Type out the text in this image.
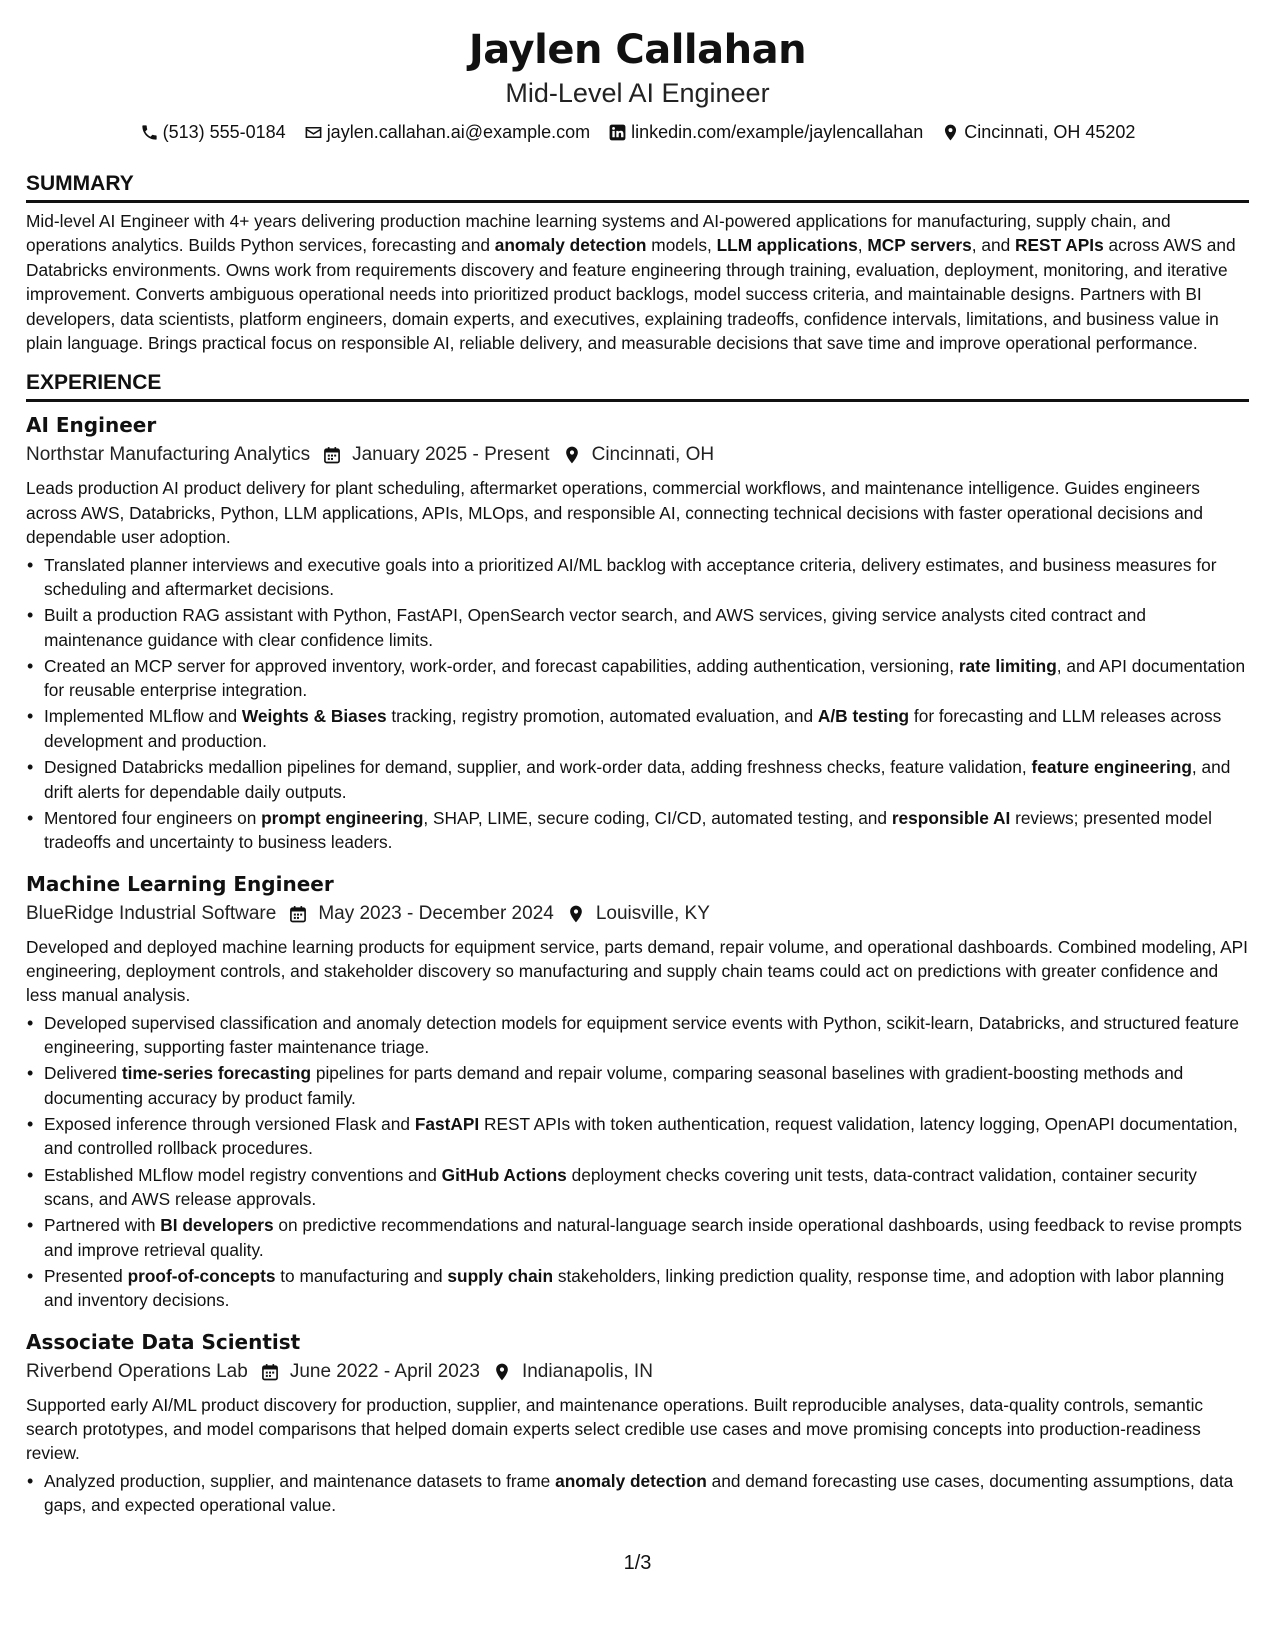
Jaylen Callahan
Mid-Level AI Engineer
(513) 555-0184 jaylen.callahan.ai@example.com linkedin.com/example/jaylencallahan Cincinnati, OH 45202
SUMMARY

Mid-level AI Engineer with 4+ years delivering production machine learning systems and AI-powered applications for manufacturing, supply chain, and operations analytics. Builds Python services, forecasting and anomaly detection models, LLM applications, MCP servers, and REST APIs across AWS and Databricks environments. Owns work from requirements discovery and feature engineering through training, evaluation, deployment, monitoring, and iterative improvement. Converts ambiguous operational needs into prioritized product backlogs, model success criteria, and maintainable designs. Partners with BI developers, data scientists, platform engineers, domain experts, and executives, explaining tradeoffs, confidence intervals, limitations, and business value in plain language. Brings practical focus on responsible AI, reliable delivery, and measurable decisions that save time and improve operational performance.

EXPERIENCE
AI Engineer
Northstar Manufacturing Analytics January 2025 - Present Cincinnati, OH
Leads production AI product delivery for plant scheduling, aftermarket operations, commercial workflows, and maintenance intelligence. Guides engineers across AWS, Databricks, Python, LLM applications, APIs, MLOps, and responsible AI, connecting technical decisions with faster operational decisions and dependable user adoption.
• Translated planner interviews and executive goals into a prioritized AI/ML backlog with acceptance criteria, delivery estimates, and business measures for scheduling and aftermarket decisions.
• Built a production RAG assistant with Python, FastAPI, OpenSearch vector search, and AWS services, giving service analysts cited contract and maintenance guidance with clear confidence limits.
• Created an MCP server for approved inventory, work-order, and forecast capabilities, adding authentication, versioning, rate limiting, and API documentation for reusable enterprise integration.
• Implemented MLflow and Weights & Biases tracking, registry promotion, automated evaluation, and A/B testing for forecasting and LLM releases across development and production.
• Designed Databricks medallion pipelines for demand, supplier, and work-order data, adding freshness checks, feature validation, feature engineering, and drift alerts for dependable daily outputs.
• Mentored four engineers on prompt engineering, SHAP, LIME, secure coding, CI/CD, automated testing, and responsible AI reviews; presented model tradeoffs and uncertainty to business leaders.
Machine Learning Engineer
BlueRidge Industrial Software May 2023 - December 2024 Louisville, KY
Developed and deployed machine learning products for equipment service, parts demand, repair volume, and operational dashboards. Combined modeling, API engineering, deployment controls, and stakeholder discovery so manufacturing and supply chain teams could act on predictions with greater confidence and less manual analysis.
• Developed supervised classification and anomaly detection models for equipment service events with Python, scikit-learn, Databricks, and structured feature engineering, supporting faster maintenance triage.
• Delivered time-series forecasting pipelines for parts demand and repair volume, comparing seasonal baselines with gradient-boosting methods and documenting accuracy by product family.
• Exposed inference through versioned Flask and FastAPI REST APIs with token authentication, request validation, latency logging, OpenAPI documentation, and controlled rollback procedures.
• Established MLflow model registry conventions and GitHub Actions deployment checks covering unit tests, data-contract validation, container security scans, and AWS release approvals.
• Partnered with BI developers on predictive recommendations and natural-language search inside operational dashboards, using feedback to revise prompts and improve retrieval quality.
• Presented proof-of-concepts to manufacturing and supply chain stakeholders, linking prediction quality, response time, and adoption with labor planning and inventory decisions.
Associate Data Scientist
Riverbend Operations Lab June 2022 - April 2023 Indianapolis, IN
Supported early AI/ML product discovery for production, supplier, and maintenance operations. Built reproducible analyses, data-quality controls, semantic search prototypes, and model comparisons that helped domain experts select credible use cases and move promising concepts into production-readiness review.
• Analyzed production, supplier, and maintenance datasets to frame anomaly detection and demand forecasting use cases, documenting assumptions, data gaps, and expected operational value.
1/3
